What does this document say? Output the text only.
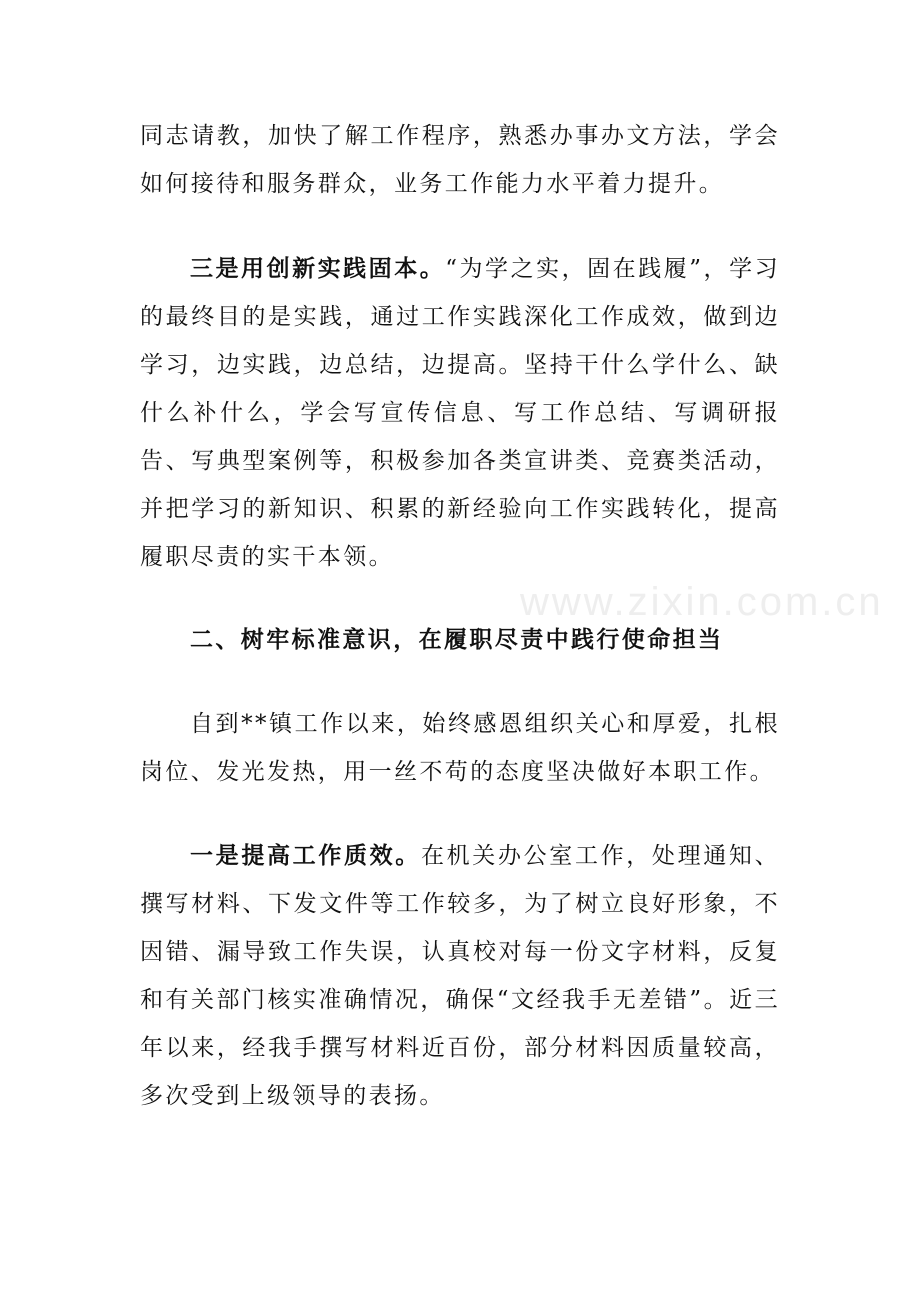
www.zixin.com.cn

同志请教，加快了解工作程序，熟悉办事办文方法，学会如何接待和服务群众，业务工作能力水平着力提升。

三是用创新实践固本。“为学之实，固在践履”，学习的最终目的是实践，通过工作实践深化工作成效，做到边学习，边实践，边总结，边提高。坚持干什么学什么、缺什么补什么，学会写宣传信息、写工作总结、写调研报告、写典型案例等，积极参加各类宣讲类、竞赛类活动，并把学习的新知识、积累的新经验向工作实践转化，提高履职尽责的实干本领。

二、树牢标准意识，在履职尽责中践行使命担当

自到**镇工作以来，始终感恩组织关心和厚爱，扎根岗位、发光发热，用一丝不苟的态度坚决做好本职工作。

一是提高工作质效。在机关办公室工作，处理通知、撰写材料、下发文件等工作较多，为了树立良好形象，不因错、漏导致工作失误，认真校对每一份文字材料，反复和有关部门核实准确情况，确保“文经我手无差错”。近三年以来，经我手撰写材料近百份，部分材料因质量较高，多次受到上级领导的表扬。
